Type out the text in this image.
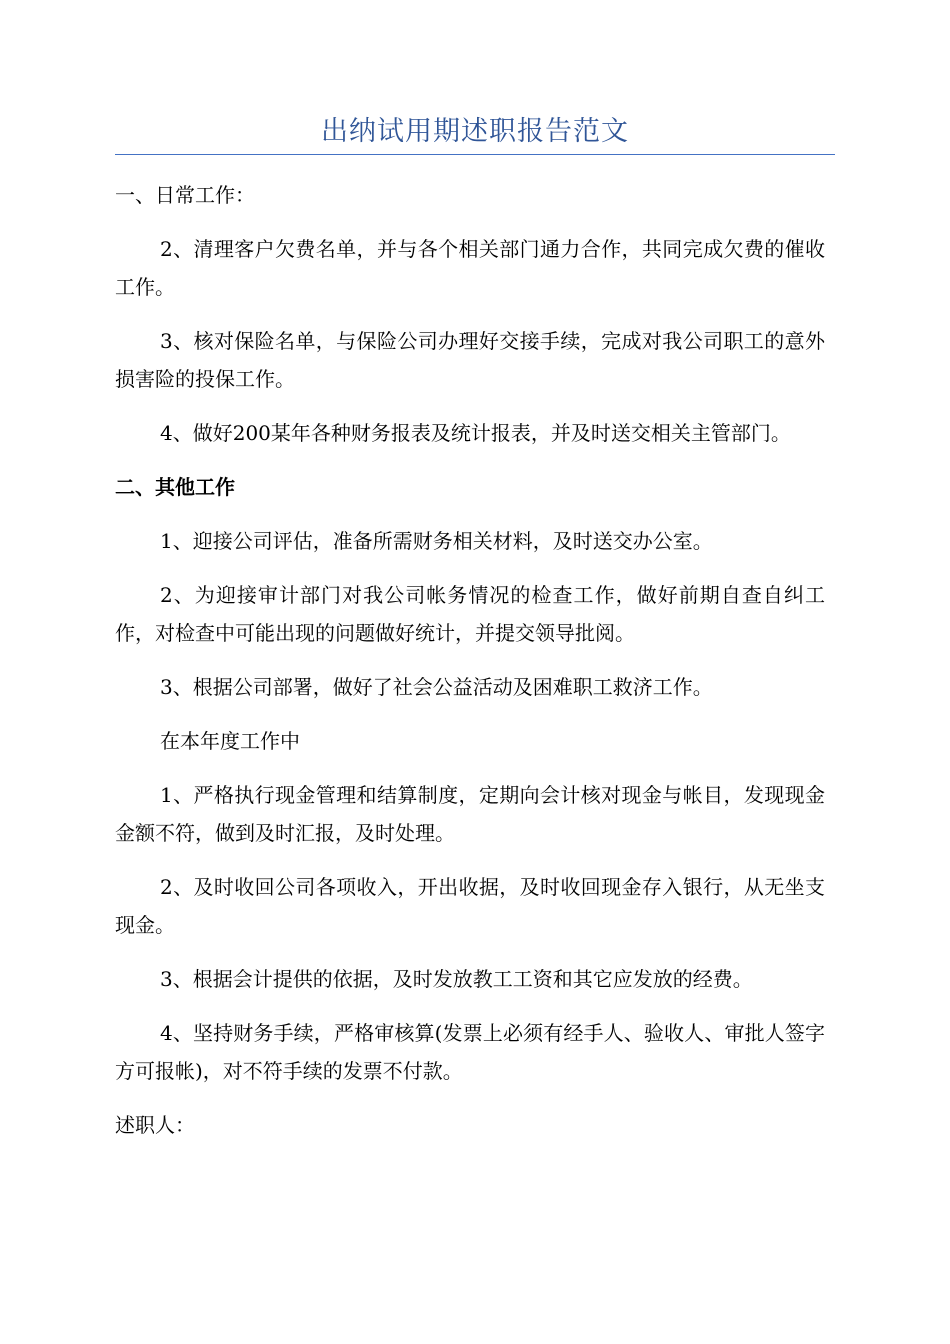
出纳试用期述职报告范文

一、日常工作：

2、清理客户欠费名单，并与各个相关部门通力合作，共同完成欠费的催收工作。

3、核对保险名单，与保险公司办理好交接手续，完成对我公司职工的意外损害险的投保工作。

4、做好200某年各种财务报表及统计报表，并及时送交相关主管部门。

二、其他工作

1、迎接公司评估，准备所需财务相关材料，及时送交办公室。

2、为迎接审计部门对我公司帐务情况的检查工作，做好前期自查自纠工作，对检查中可能出现的问题做好统计，并提交领导批阅。

3、根据公司部署，做好了社会公益活动及困难职工救济工作。

在本年度工作中

1、严格执行现金管理和结算制度，定期向会计核对现金与帐目，发现现金金额不符，做到及时汇报，及时处理。

2、及时收回公司各项收入，开出收据，及时收回现金存入银行，从无坐支现金。

3、根据会计提供的依据，及时发放教工工资和其它应发放的经费。

4、坚持财务手续，严格审核算(发票上必须有经手人、验收人、审批人签字方可报帐)，对不符手续的发票不付款。

述职人：
